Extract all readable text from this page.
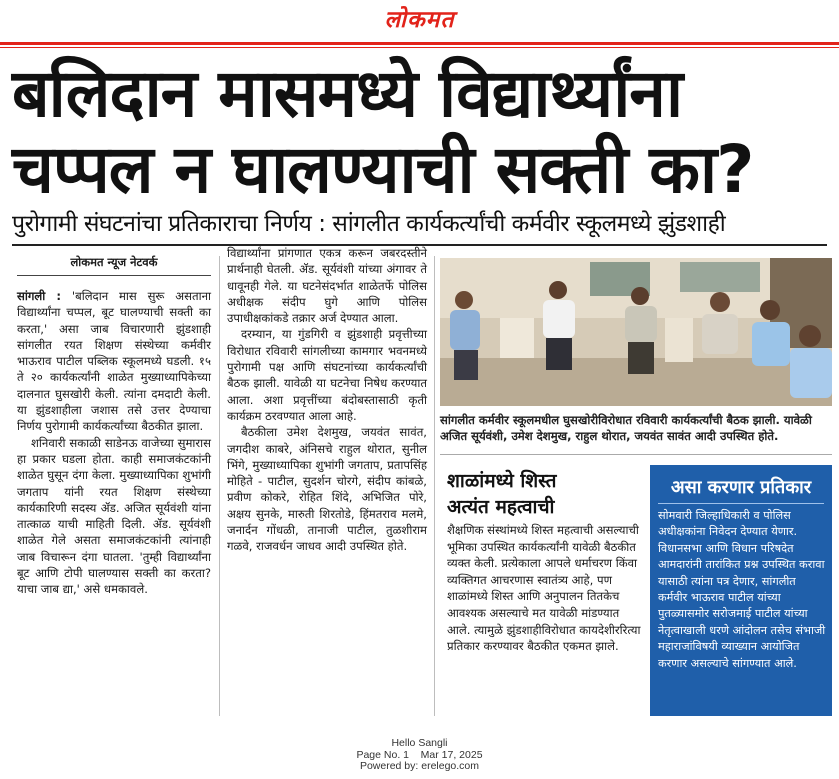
लोकमत
बलिदान मासमध्ये विद्यार्थ्यांना
चप्पल न घालण्याची सक्ती का?
पुरोगामी संघटनांचा प्रतिकाराचा निर्णय : सांगलीत कार्यकर्त्यांची कर्मवीर स्कूलमध्ये झुंडशाही
लोकमत न्यूज नेटवर्क

सांगली : 'बलिदान मास सुरू असताना विद्यार्थ्यांना चप्पल, बूट घालण्याची सक्ती का करता,' असा जाब विचारणारी झुंडशाही सांगलीत रयत शिक्षण संस्थेच्या कर्मवीर भाऊराव पाटील पब्लिक स्कूलमध्ये घडली. १५ ते २० कार्यकर्त्यांनी शाळेत मुख्याध्यापिकेच्या दालनात घुसखोरी केली. त्यांना दमदाटी केली. या झुंडशाहीला जशास तसे उत्तर देण्याचा निर्णय पुरोगामी कार्यकर्त्यांच्या बैठकीत झाला.

शनिवारी सकाळी साडेनऊ वाजेच्या सुमारास हा प्रकार घडला होता. काही समाजकंटकांनी शाळेत घुसून दंगा केला. मुख्याध्यापिका शुभांगी जगताप यांनी रयत शिक्षण संस्थेच्या कार्यकारिणी सदस्य ॲड. अजित सूर्यवंशी यांना तात्काळ याची माहिती दिली. ॲड. सूर्यवंशी शाळेत गेले असता समाजकंटकांनी त्यांनाही जाब विचारून दंगा घातला. 'तुम्ही विद्यार्थ्यांना बूट आणि टोपी घालण्यास सक्ती का करता? याचा जाब द्या,' असे धमकावले.

विद्यार्थ्यांना प्रांगणात एकत्र करून जबरदस्तीने प्रार्थनाही घेतली. ॲड. सूर्यवंशी यांच्या अंगावर ते धावूनही गेले. या घटनेसंदर्भात शाळेतर्फे पोलिस अधीक्षक संदीप घुगे आणि पोलिस उपाधीक्षकांकडे तक्रार अर्ज देण्यात आला.

दरम्यान, या गुंडगिरी व झुंडशाही प्रवृत्तीच्या विरोधात रविवारी सांगलीच्या कामगार भवनमध्ये पुरोगामी पक्ष आणि संघटनांच्या कार्यकर्त्यांची बैठक झाली. यावेळी या घटनेचा निषेध करण्यात आला. अशा प्रवृत्तींच्या बंदोबस्तासाठी कृती कार्यक्रम ठरवण्यात आला आहे.

बैठकीला उमेश देशमुख, जयवंत सावंत, जगदीश काबरे, अंनिसचे राहुल थोरात, सुनील भिंगे, मुख्याध्यापिका शुभांगी जगताप, प्रतापसिंह मोहिते - पाटील, सुदर्शन चोरगे, संदीप कांबळे, प्रवीण कोकरे, रोहित शिंदे, अभिजित पोरे, अक्षय सुनके, मारुती शिरतोडे, हिंमतराव मलमे, जनार्दन गोंधळी, तानाजी पाटील, तुळशीराम गळवे, राजवर्धन जाधव आदी उपस्थित होते.

सांगलीत कर्मवीर स्कूलमधील घुसखोरीविरोधात रविवारी कार्यकर्त्यांची बैठक झाली. यावेळी अजित सूर्यवंशी, उमेश देशमुख, राहुल थोरात, जयवंत सावंत आदी उपस्थित होते.
शाळांमध्ये शिस्त
अत्यंत महत्वाची
शैक्षणिक संस्थांमध्ये शिस्त महत्वाची असल्याची भूमिका उपस्थित कार्यकर्त्यांनी यावेळी बैठकीत व्यक्त केली. प्रत्येकाला आपले धर्माचरण किंवा व्यक्तिगत आचरणास स्वातंत्र्य आहे, पण शाळांमध्ये शिस्त आणि अनुपालन तितकेच आवश्यक असल्याचे मत यावेळी मांडण्यात आले. त्यामुळे झुंडशाहीविरोधात कायदेशीररित्या प्रतिकार करण्यावर बैठकीत एकमत झाले.
असा करणार प्रतिकार
सोमवारी जिल्हाधिकारी व पोलिस अधीक्षकांना निवेदन देण्यात येणार. विधानसभा आणि विधान परिषदेत आमदारांनी तारांकित प्रश्न उपस्थित करावा यासाठी त्यांना पत्र देणार, सांगलीत कर्मवीर भाऊराव पाटील यांच्या पुतळ्यासमोर सरोजमाई पाटील यांच्या नेतृत्वाखाली धरणे आंदोलन तसेच संभाजी महाराजांविषयी व्याख्यान आयोजित करणार असल्याचे सांगण्यात आले.
Hello Sangli
Page No. 1    Mar 17, 2025
Powered by: erelego.com
